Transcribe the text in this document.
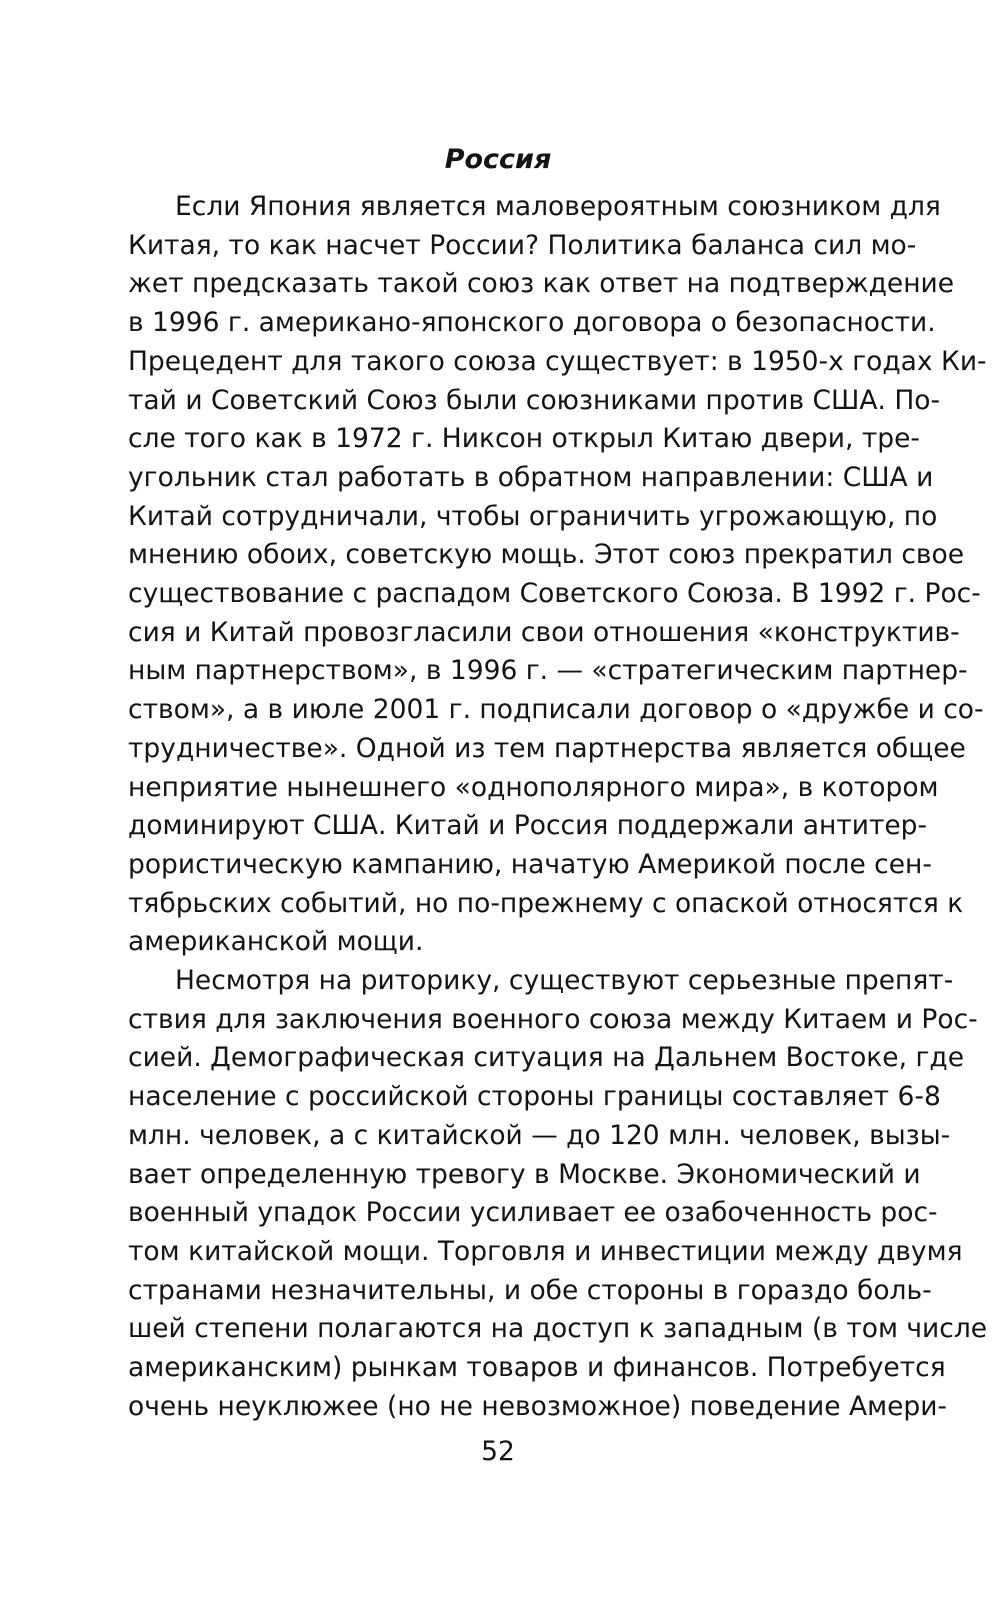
Россия
Если Япония является маловероятным союзником для
Китая, то как насчет России? Политика баланса сил мо-
жет предсказать такой союз как ответ на подтверждение
в 1996 г. американо-японского договора о безопасности.
Прецедент для такого союза существует: в 1950-х годах Ки-
тай и Советский Союз были союзниками против США. По-
сле того как в 1972 г. Никсон открыл Китаю двери, тре-
угольник стал работать в обратном направлении: США и
Китай сотрудничали, чтобы ограничить угрожающую, по
мнению обоих, советскую мощь. Этот союз прекратил свое
существование с распадом Советского Союза. В 1992 г. Рос-
сия и Китай провозгласили свои отношения «конструктив-
ным партнерством», в 1996 г. — «стратегическим партнер-
ством», а в июле 2001 г. подписали договор о «дружбе и со-
трудничестве». Одной из тем партнерства является общее
неприятие нынешнего «однополярного мира», в котором
доминируют США. Китай и Россия поддержали антитер-
рористическую кампанию, начатую Америкой после сен-
тябрьских событий, но по-прежнему с опаской относятся к
американской мощи.
Несмотря на риторику, существуют серьезные препят-
ствия для заключения военного союза между Китаем и Рос-
сией. Демографическая ситуация на Дальнем Востоке, где
население с российской стороны границы составляет 6-8
млн. человек, а с китайской — до 120 млн. человек, вызы-
вает определенную тревогу в Москве. Экономический и
военный упадок России усиливает ее озабоченность рос-
том китайской мощи. Торговля и инвестиции между двумя
странами незначительны, и обе стороны в гораздо боль-
шей степени полагаются на доступ к западным (в том числе
американским) рынкам товаров и финансов. Потребуется
очень неуклюжее (но не невозможное) поведение Амери-
52
